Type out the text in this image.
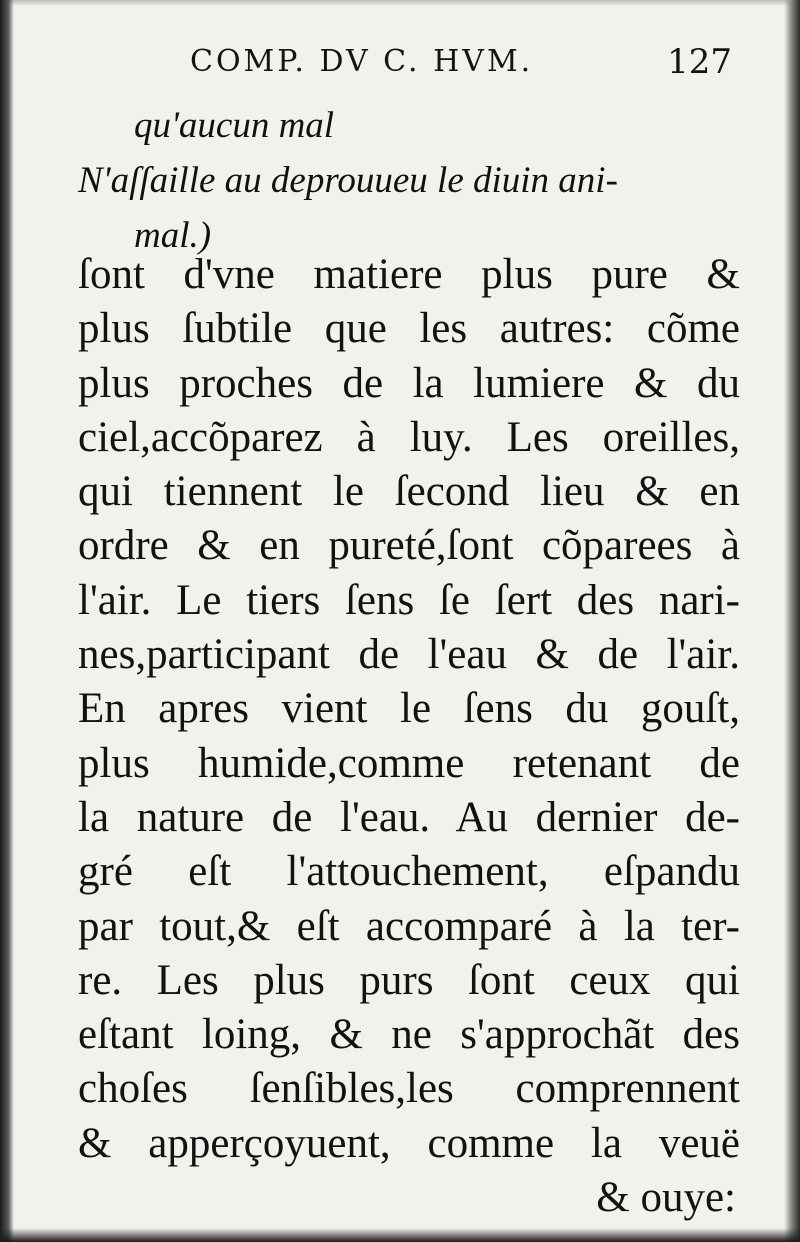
COMP. DV C. HVM.	127
qu'aucun mal
N'aſſaille au deprouueu le diuin ani-
mal.)
ſont d'vne matiere plus pure &
plus ſubtile que les autres: cõme
plus proches de la lumiere & du
ciel,accõparez à luy. Les oreilles,
qui tiennent le ſecond lieu & en
ordre & en pureté,ſont cõparees à
l'air. Le tiers ſens ſe ſert des nari-
nes,participant de l'eau & de l'air.
En apres vient le ſens du gouſt,
plus humide,comme retenant de
la nature de l'eau. Au dernier de-
gré eſt l'attouchement, eſpandu
par tout,& eſt accomparé à la ter-
re. Les plus purs ſont ceux qui
eſtant loing, & ne s'approchãt des
choſes ſenſibles,les comprennent
& apperçoyuent, comme la veuë
& ouye:
